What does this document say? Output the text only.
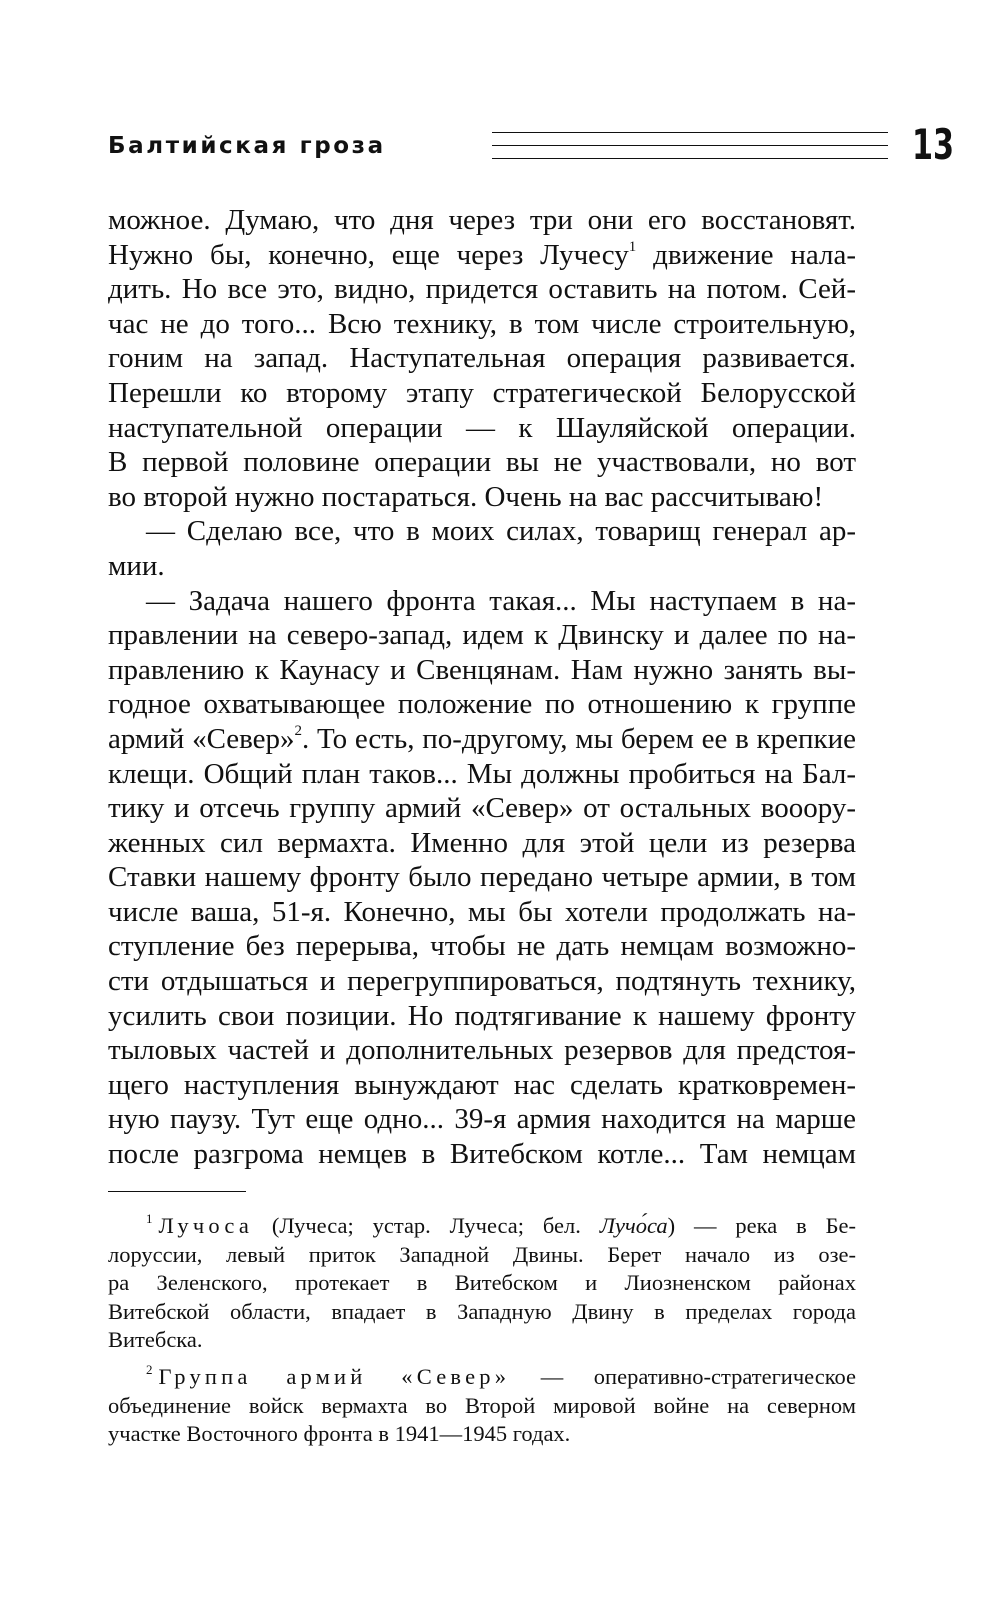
Балтийская гроза	13
можное. Думаю, что дня через три они его восстановят.
Нужно бы, конечно, еще через Лучесу$^1$ движение нала-
дить. Но все это, видно, придется оставить на потом. Сей-
час не до того... Всю технику, в том числе строительную,
гоним на запад. Наступательная операция развивается.
Перешли ко второму этапу стратегической Белорусской
наступательной операции — к Шауляйской операции.
В первой половине операции вы не участвовали, но вот
во второй нужно постараться. Очень на вас рассчитываю!
— Сделаю все, что в моих силах, товарищ генерал ар-
мии.
— Задача нашего фронта такая... Мы наступаем в на-
правлении на северо-запад, идем к Двинску и далее по на-
правлению к Каунасу и Свенцянам. Нам нужно занять вы-
годное охватывающее положение по отношению к группе
армий «Север»$^2$. То есть, по-другому, мы берем ее в крепкие
клещи. Общий план таков... Мы должны пробиться на Бал-
тику и отсечь группу армий «Север» от остальных вооору-
женных сил вермахта. Именно для этой цели из резерва
Ставки нашему фронту было передано четыре армии, в том
числе ваша, 51-я. Конечно, мы бы хотели продолжать на-
ступление без перерыва, чтобы не дать немцам возможно-
сти отдышаться и перегруппироваться, подтянуть технику,
усилить свои позиции. Но подтягивание к нашему фронту
тыловых частей и дополнительных резервов для предстоя-
щего наступления вынуждают нас сделать кратковремен-
ную паузу. Тут еще одно... 39-я армия находится на марше
после разгрома немцев в Витебском котле... Там немцам
$^1$ Лучоса (Лучеса; устар. Лучеса; бел. Лучо́са) — река в Бе-
лоруссии, левый приток Западной Двины. Берет начало из озе-
ра Зеленского, протекает в Витебском и Лиозненском районах
Витебской области, впадает в Западную Двину в пределах города
Витебска.
$^2$ Группа армий «Север» — оперативно-стратегическое
объединение войск вермахта во Второй мировой войне на северном
участке Восточного фронта в 1941—1945 годах.
